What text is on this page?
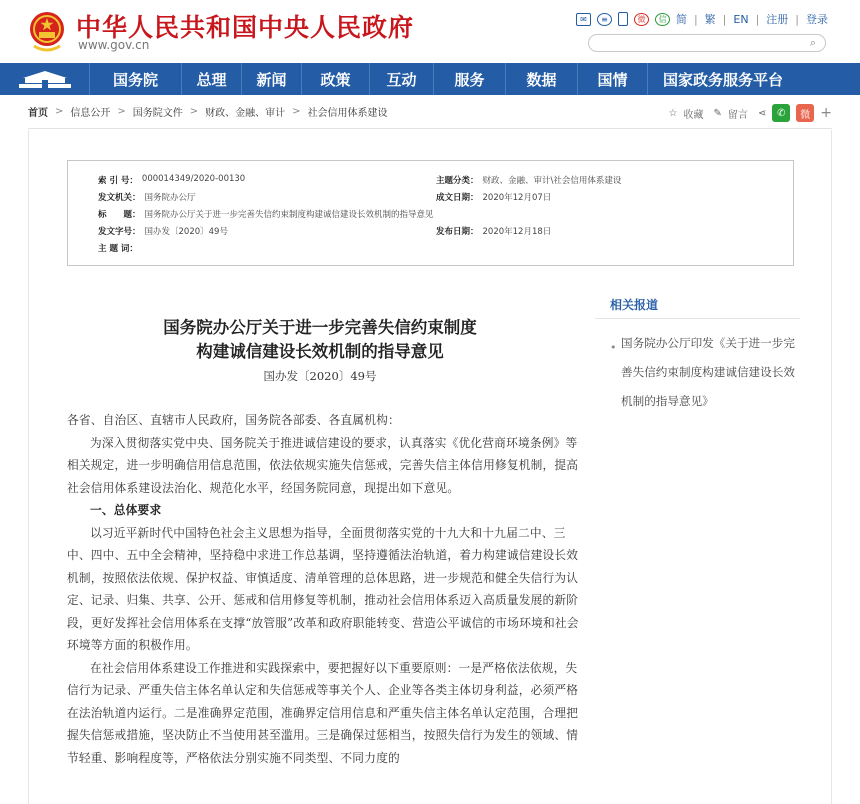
中华人民共和国中央人民政府
www.gov.cn
✉	≡	微	信 简 | 繁 | EN | 注册 | 登录
⌕
国务院	总理	新闻	政策	互动	服务	数据	国情	国家政务服务平台
首页 > 信息公开 > 国务院文件 > 财政、金融、审计 > 社会信用体系建设	☆ 收藏 ✎ 留言 ⋖	✆	微 +
索 引 号： 000014349/2020-00130	主题分类： 财政、金融、审计\社会信用体系建设
发文机关： 国务院办公厅	成文日期： 2020年12月07日
标　　题： 国务院办公厅关于进一步完善失信约束制度构建诚信建设长效机制的指导意见
发文字号： 国办发〔2020〕49号	发布日期： 2020年12月18日
主 题 词：
国务院办公厅关于进一步完善失信约束制度
构建诚信建设长效机制的指导意见
国办发〔2020〕49号

各省、自治区、直辖市人民政府，国务院各部委、各直属机构：

为深入贯彻落实党中央、国务院关于推进诚信建设的要求，认真落实《优化营商环境条例》等相关规定，进一步明确信用信息范围，依法依规实施失信惩戒，完善失信主体信用修复机制，提高社会信用体系建设法治化、规范化水平，经国务院同意，现提出如下意见。

一、总体要求

以习近平新时代中国特色社会主义思想为指导，全面贯彻落实党的十九大和十九届二中、三中、四中、五中全会精神，坚持稳中求进工作总基调，坚持遵循法治轨道，着力构建诚信建设长效机制，按照依法依规、保护权益、审慎适度、清单管理的总体思路，进一步规范和健全失信行为认定、记录、归集、共享、公开、惩戒和信用修复等机制，推动社会信用体系迈入高质量发展的新阶段，更好发挥社会信用体系在支撑“放管服”改革和政府职能转变、营造公平诚信的市场环境和社会环境等方面的积极作用。

在社会信用体系建设工作推进和实践探索中，要把握好以下重要原则：一是严格依法依规，失信行为记录、严重失信主体名单认定和失信惩戒等事关个人、企业等各类主体切身利益，必须严格在法治轨道内运行。二是准确界定范围，准确界定信用信息和严重失信主体名单认定范围，合理把握失信惩戒措施，坚决防止不当使用甚至滥用。三是确保过惩相当，按照失信行为发生的领域、情节轻重、影响程度等，严格依法分别实施不同类型、不同力度的

相关报道
• 国务院办公厅印发《关于进一步完善失信约束制度构建诚信建设长效机制的指导意见》
